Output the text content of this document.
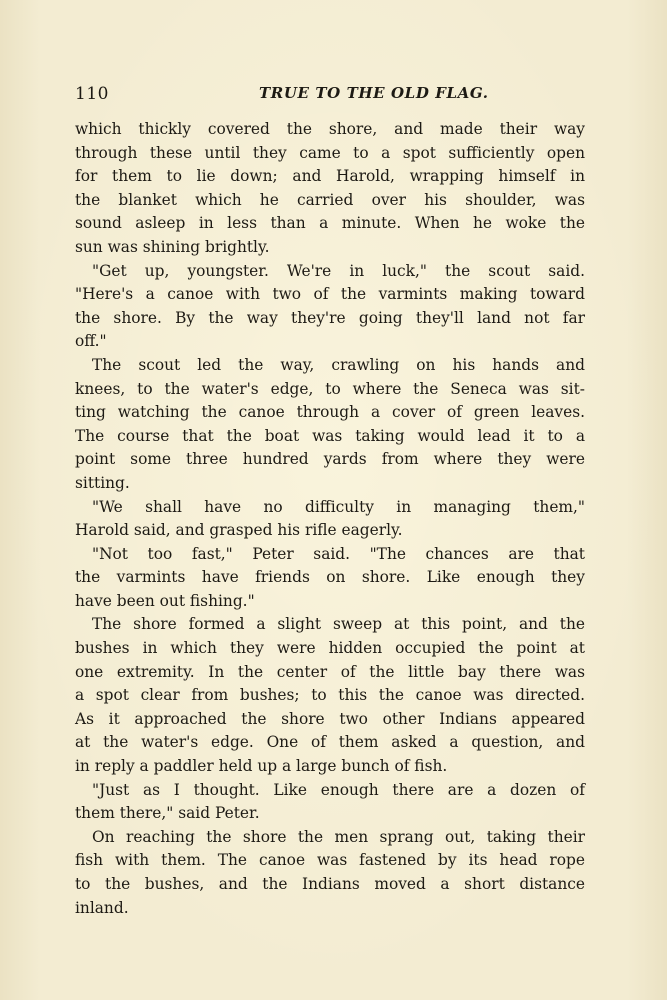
110	TRUE TO THE OLD FLAG.
which thickly covered the shore, and made their way
through these until they came to a spot sufficiently open
for them to lie down; and Harold, wrapping himself in
the blanket which he carried over his shoulder, was
sound asleep in less than a minute. When he woke the
sun was shining brightly.
"Get up, youngster. We're in luck," the scout said.
"Here's a canoe with two of the varmints making toward
the shore. By the way they're going they'll land not far
off."
The scout led the way, crawling on his hands and
knees, to the water's edge, to where the Seneca was sit-
ting watching the canoe through a cover of green leaves.
The course that the boat was taking would lead it to a
point some three hundred yards from where they were
sitting.
"We shall have no difficulty in managing them,"
Harold said, and grasped his rifle eagerly.
"Not too fast," Peter said. "The chances are that
the varmints have friends on shore. Like enough they
have been out fishing."
The shore formed a slight sweep at this point, and the
bushes in which they were hidden occupied the point at
one extremity. In the center of the little bay there was
a spot clear from bushes; to this the canoe was directed.
As it approached the shore two other Indians appeared
at the water's edge. One of them asked a question, and
in reply a paddler held up a large bunch of fish.
"Just as I thought. Like enough there are a dozen of
them there," said Peter.
On reaching the shore the men sprang out, taking their
fish with them. The canoe was fastened by its head rope
to the bushes, and the Indians moved a short distance
inland.
